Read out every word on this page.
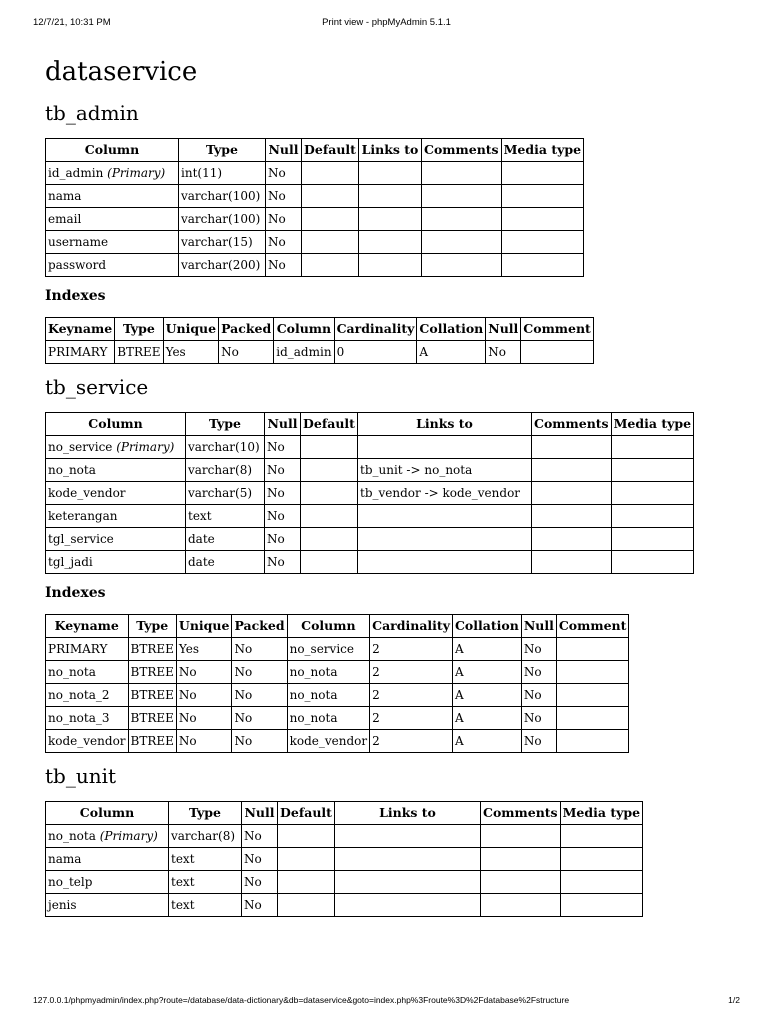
12/7/21, 10:31 PM	Print view - phpMyAdmin 5.1.1
dataservice
tb_admin
Column	Type	Null	Default	Links to	Comments	Media type
id_admin (Primary)	int(11)	No				
nama	varchar(100)	No				
email	varchar(100)	No				
username	varchar(15)	No				
password	varchar(200)	No				
Indexes
Keyname	Type	Unique	Packed	Column	Cardinality	Collation	Null	Comment
PRIMARY	BTREE	Yes	No	id_admin	0	A	No	
tb_service
Column	Type	Null	Default	Links to	Comments	Media type
no_service (Primary)	varchar(10)	No				
no_nota	varchar(8)	No		tb_unit -> no_nota		
kode_vendor	varchar(5)	No		tb_vendor -> kode_vendor		
keterangan	text	No				
tgl_service	date	No				
tgl_jadi	date	No				
Indexes
Keyname	Type	Unique	Packed	Column	Cardinality	Collation	Null	Comment
PRIMARY	BTREE	Yes	No	no_service	2	A	No	
no_nota	BTREE	No	No	no_nota	2	A	No	
no_nota_2	BTREE	No	No	no_nota	2	A	No	
no_nota_3	BTREE	No	No	no_nota	2	A	No	
kode_vendor	BTREE	No	No	kode_vendor	2	A	No	
tb_unit
Column	Type	Null	Default	Links to	Comments	Media type
no_nota (Primary)	varchar(8)	No				
nama	text	No				
no_telp	text	No				
jenis	text	No				
127.0.0.1/phpmyadmin/index.php?route=/database/data-dictionary&db=dataservice&goto=index.php%3Froute%3D%2Fdatabase%2Fstructure	1/2
